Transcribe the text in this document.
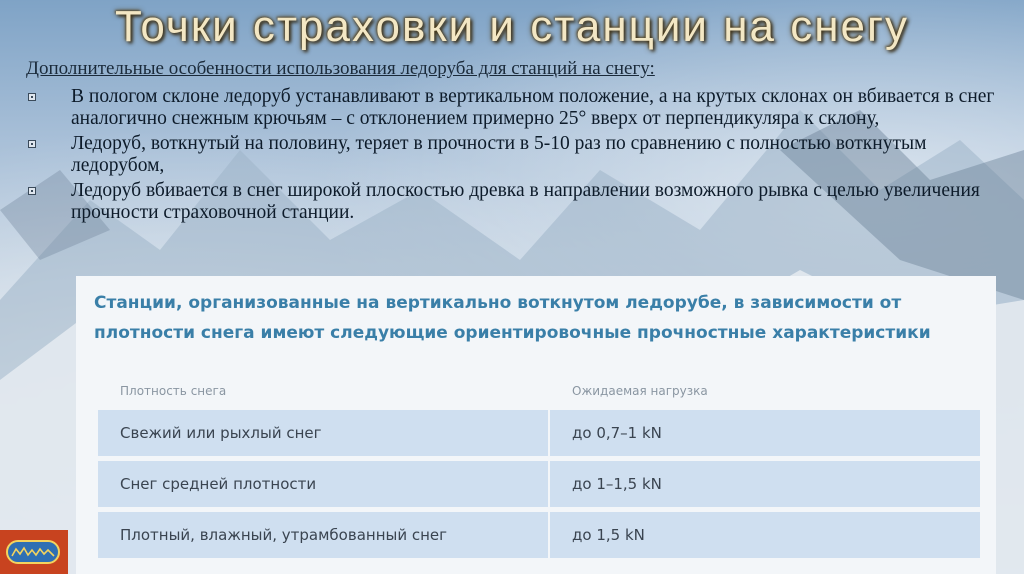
Точки страховки и станции на снегу
Дополнительные особенности использования ледоруба для станций на снегу:
В пологом склоне ледоруб устанавливают в вертикальном положение, а на крутых склонах он вбивается в снег аналогично снежным крючьям – с отклонением примерно 25° вверх от перпендикуляра к склону,
Ледоруб, воткнутый на половину, теряет в прочности в 5-10 раз по сравнению с полностью воткнутым ледорубом,
Ледоруб вбивается в снег широкой плоскостью древка в направлении возможного рывка с целью увеличения прочности страховочной станции.
Станции, организованные на вертикально воткнутом ледорубе, в зависимости от плотности снега имеют следующие ориентировочные прочностные характеристики
Плотность снега	Ожидаемая нагрузка
Свежий или рыхлый снег	до 0,7–1 kN
Снег средней плотности	до 1–1,5 kN
Плотный, влажный, утрамбованный снег	до 1,5 kN
